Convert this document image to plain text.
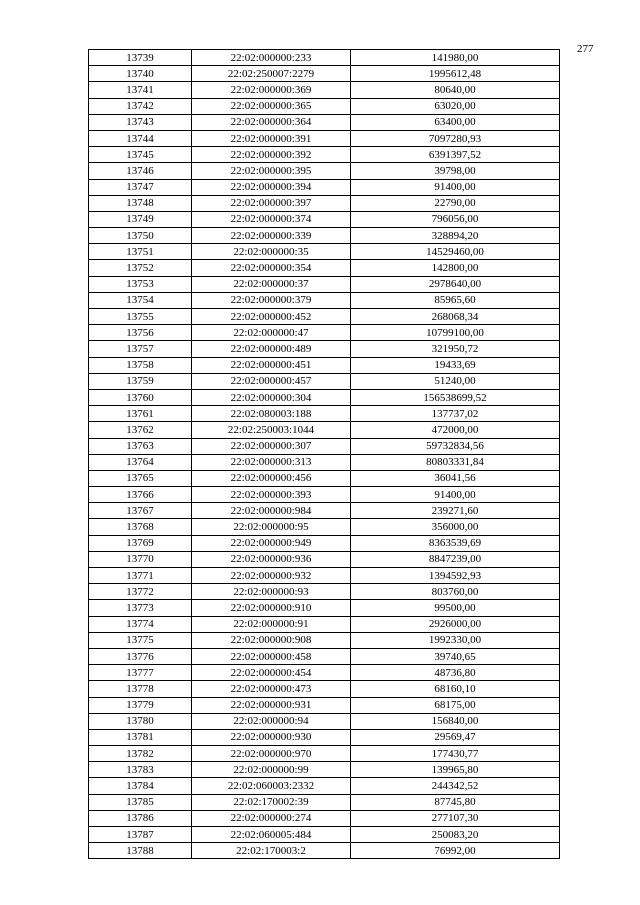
277
13739	22:02:000000:233	141980,00
13740	22:02:250007:2279	1995612,48
13741	22:02:000000:369	80640,00
13742	22:02:000000:365	63020,00
13743	22:02:000000:364	63400,00
13744	22:02:000000:391	7097280,93
13745	22:02:000000:392	6391397,52
13746	22:02:000000:395	39798,00
13747	22:02:000000:394	91400,00
13748	22:02:000000:397	22790,00
13749	22:02:000000:374	796056,00
13750	22:02:000000:339	328894,20
13751	22:02:000000:35	14529460,00
13752	22:02:000000:354	142800,00
13753	22:02:000000:37	2978640,00
13754	22:02:000000:379	85965,60
13755	22:02:000000:452	268068,34
13756	22:02:000000:47	10799100,00
13757	22:02:000000:489	321950,72
13758	22:02:000000:451	19433,69
13759	22:02:000000:457	51240,00
13760	22:02:000000:304	156538699,52
13761	22:02:080003:188	137737,02
13762	22:02:250003:1044	472000,00
13763	22:02:000000:307	59732834,56
13764	22:02:000000:313	80803331,84
13765	22:02:000000:456	36041,56
13766	22:02:000000:393	91400,00
13767	22:02:000000:984	239271,60
13768	22:02:000000:95	356000,00
13769	22:02:000000:949	8363539,69
13770	22:02:000000:936	8847239,00
13771	22:02:000000:932	1394592,93
13772	22:02:000000:93	803760,00
13773	22:02:000000:910	99500,00
13774	22:02:000000:91	2926000,00
13775	22:02:000000:908	1992330,00
13776	22:02:000000:458	39740,65
13777	22:02:000000:454	48736,80
13778	22:02:000000:473	68160,10
13779	22:02:000000:931	68175,00
13780	22:02:000000:94	156840,00
13781	22:02:000000:930	29569,47
13782	22:02:000000:970	177430,77
13783	22:02:000000:99	139965,80
13784	22:02:060003:2332	244342,52
13785	22:02:170002:39	87745,80
13786	22:02:000000:274	277107,30
13787	22:02:060005:484	250083,20
13788	22:02:170003:2	76992,00
